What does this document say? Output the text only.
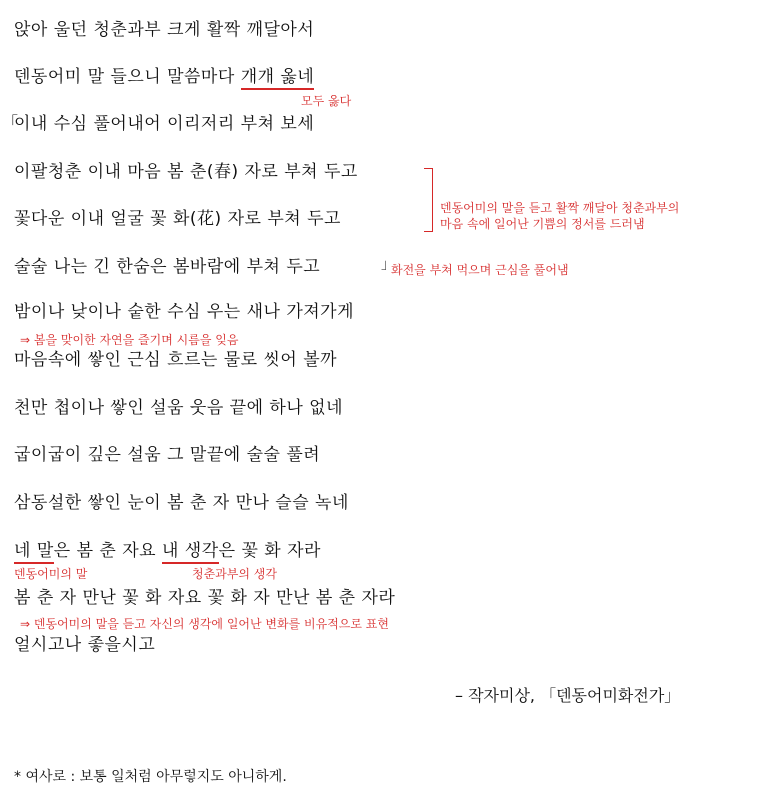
앉아 울던 청춘과부 크게 활짝 깨달아서
덴동어미 말 들으니 말씀마다 개개 옳네
모두 옳다
「
이내 수심 풀어내어 이리저리 부쳐 보세
이팔청춘 이내 마음 봄 춘(春) 자로 부쳐 두고
덴동어미의 말을 듣고 활짝 깨달아 청춘과부의
마음 속에 일어난 기쁨의 정서를 드러냄
꽃다운 이내 얼굴 꽃 화(花) 자로 부쳐 두고
술술 나는 긴 한숨은 봄바람에 부쳐 두고	」
화전을 부쳐 먹으며 근심을 풀어냄
밤이나 낮이나 숱한 수심 우는 새나 가져가게
⇒ 봄을 맞이한 자연을 즐기며 시름을 잊음
마음속에 쌓인 근심 흐르는 물로 씻어 볼까
천만 첩이나 쌓인 설움 웃음 끝에 하나 없네
굽이굽이 깊은 설움 그 말끝에 술술 풀려
삼동설한 쌓인 눈이 봄 춘 자 만나 슬슬 녹네
네 말은 봄 춘 자요 내 생각은 꽃 화 자라
덴동어미의 말	청춘과부의 생각
봄 춘 자 만난 꽃 화 자요 꽃 화 자 만난 봄 춘 자라
⇒ 덴동어미의 말을 듣고 자신의 생각에 일어난 변화를 비유적으로 표현
얼시고나 좋을시고
– 작자미상, 「덴동어미화전가」
* 여사로 : 보통 일처럼 아무렇지도 아니하게.
